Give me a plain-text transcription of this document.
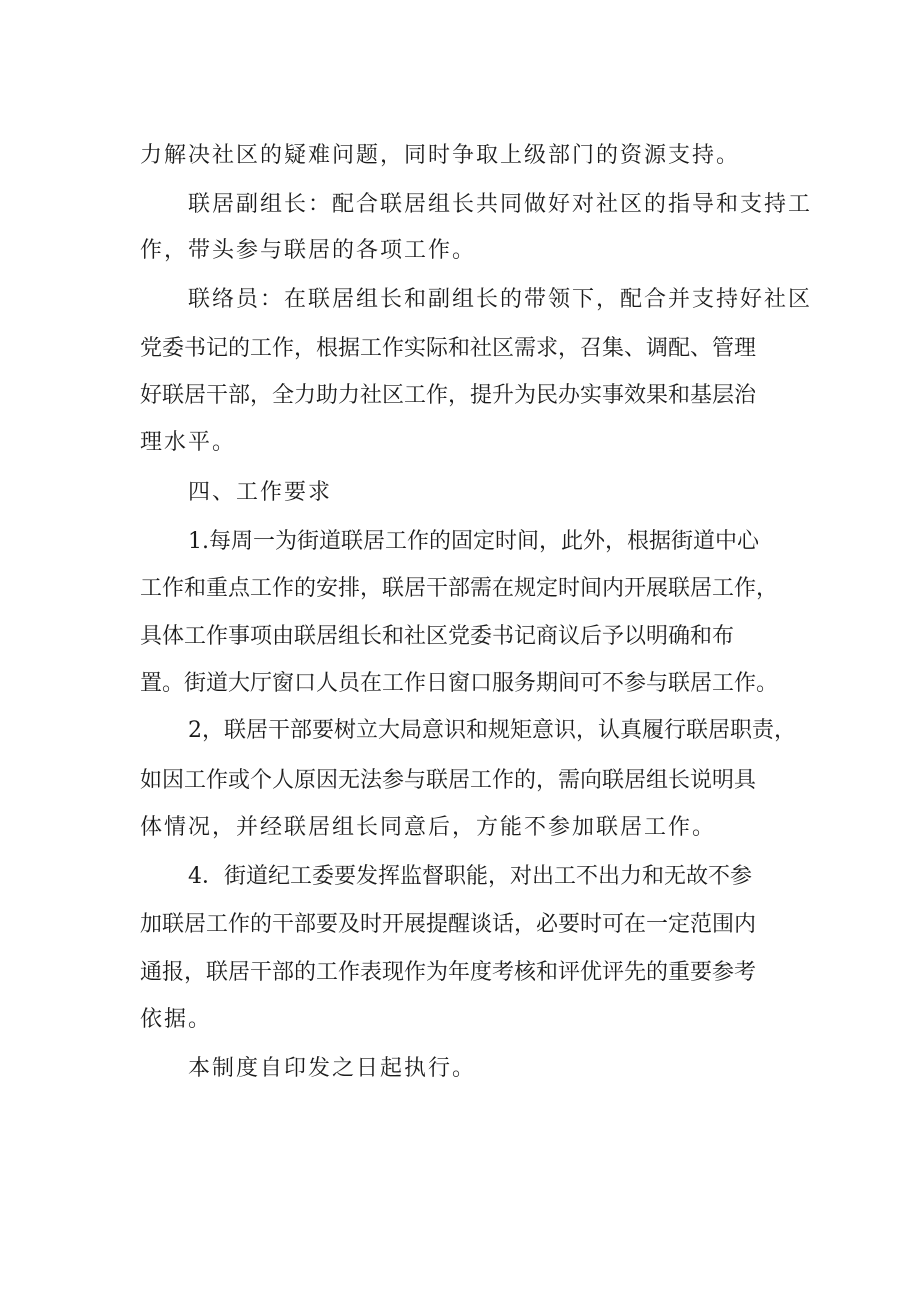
力解决社区的疑难问题，同时争取上级部门的资源支持。
联居副组长：配合联居组长共同做好对社区的指导和支持工
作，带头参与联居的各项工作。
联络员：在联居组长和副组长的带领下，配合并支持好社区
党委书记的工作，根据工作实际和社区需求，召集、调配、管理
好联居干部，全力助力社区工作，提升为民办实事效果和基层治
理水平。
四、工作要求
1.每周一为街道联居工作的固定时间，此外，根据街道中心
工作和重点工作的安排，联居干部需在规定时间内开展联居工作，
具体工作事项由联居组长和社区党委书记商议后予以明确和布
置。街道大厅窗口人员在工作日窗口服务期间可不参与联居工作。
2，联居干部要树立大局意识和规矩意识，认真履行联居职责，
如因工作或个人原因无法参与联居工作的，需向联居组长说明具
体情况，并经联居组长同意后，方能不参加联居工作。
4．街道纪工委要发挥监督职能，对出工不出力和无故不参
加联居工作的干部要及时开展提醒谈话，必要时可在一定范围内
通报，联居干部的工作表现作为年度考核和评优评先的重要参考
依据。
本制度自印发之日起执行。
